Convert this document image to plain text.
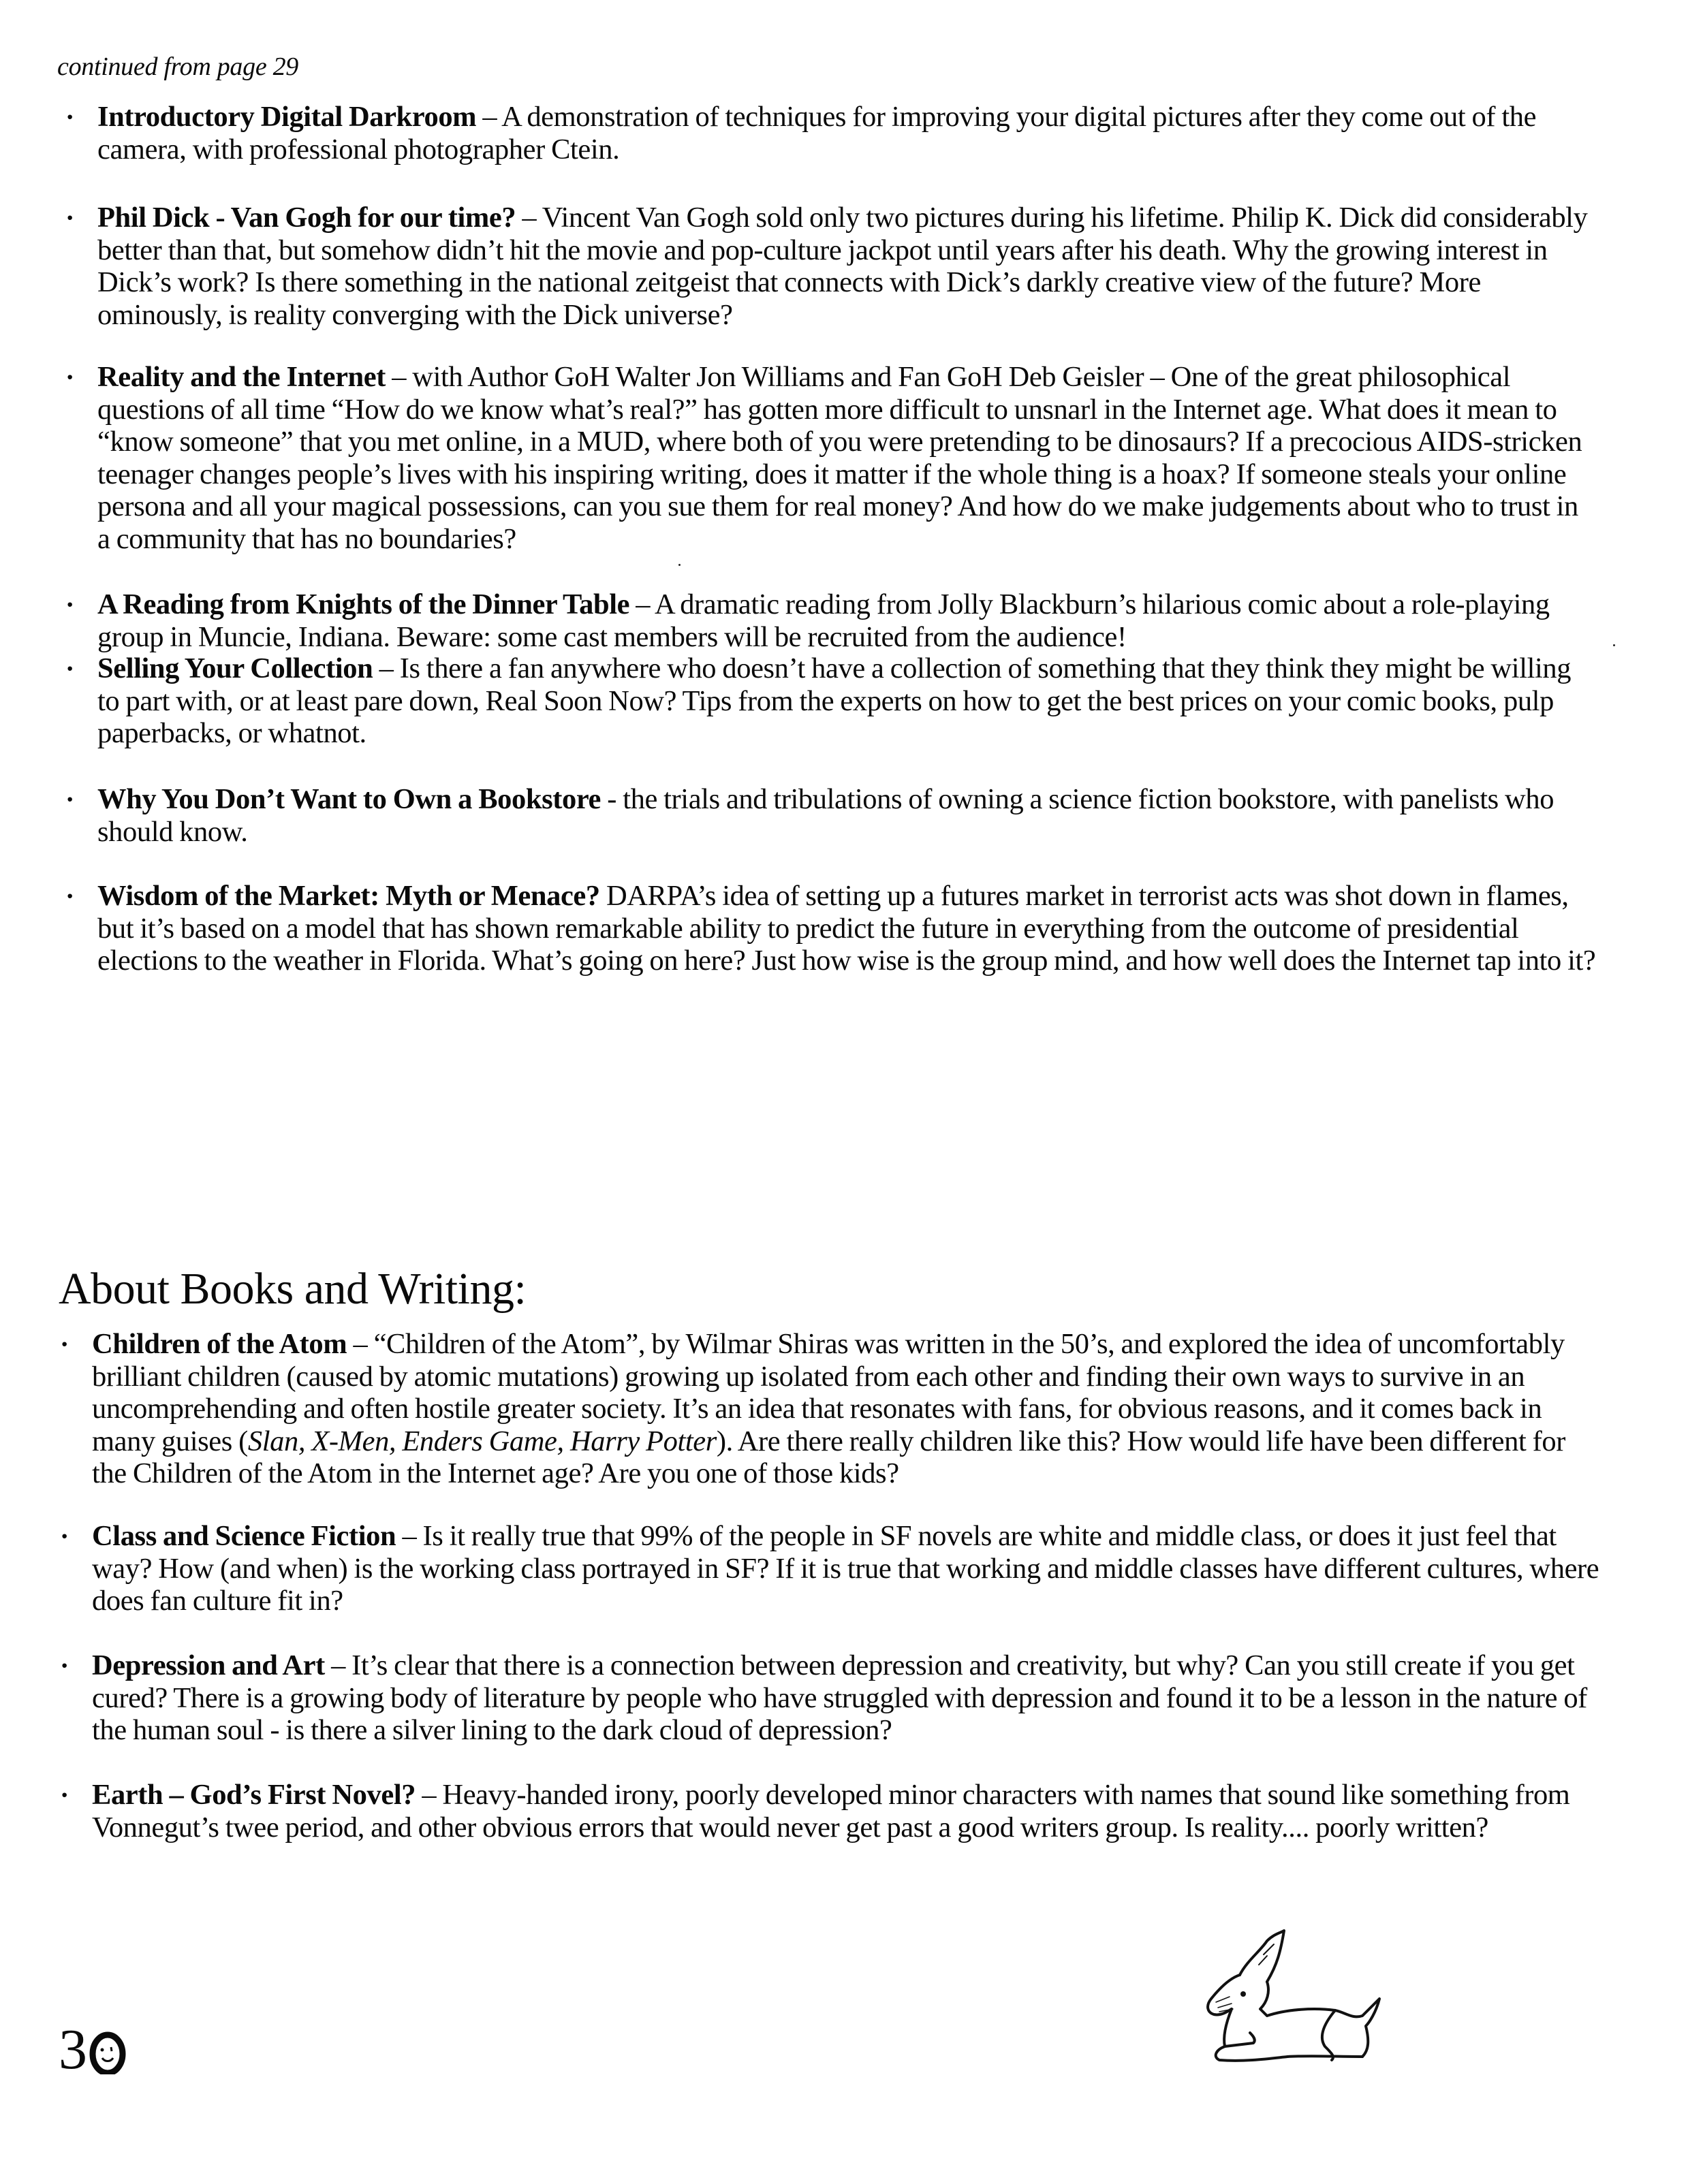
continued from page 29
· Introductory Digital Darkroom – A demonstration of techniques for improving your digital pictures after they come out of the camera, with professional photographer Ctein.
· Phil Dick - Van Gogh for our time? – Vincent Van Gogh sold only two pictures during his lifetime. Philip K. Dick did considerably better than that, but somehow didn’t hit the movie and pop-culture jackpot until years after his death. Why the growing interest in Dick’s work? Is there something in the national zeitgeist that connects with Dick’s darkly creative view of the future? More ominously, is reality converging with the Dick universe?
· Reality and the Internet – with Author GoH Walter Jon Williams and Fan GoH Deb Geisler – One of the great philosophical questions of all time “How do we know what’s real?” has gotten more difficult to unsnarl in the Internet age. What does it mean to “know someone” that you met online, in a MUD, where both of you were pretending to be dinosaurs? If a precocious AIDS-stricken teenager changes people’s lives with his inspiring writing, does it matter if the whole thing is a hoax? If someone steals your online persona and all your magical possessions, can you sue them for real money? And how do we make judgements about who to trust in a community that has no boundaries?
· A Reading from Knights of the Dinner Table – A dramatic reading from Jolly Blackburn’s hilarious comic about a role-playing group in Muncie, Indiana. Beware: some cast members will be recruited from the audience!
· Selling Your Collection – Is there a fan anywhere who doesn’t have a collection of something that they think they might be willing to part with, or at least pare down, Real Soon Now? Tips from the experts on how to get the best prices on your comic books, pulp paperbacks, or whatnot.
· Why You Don’t Want to Own a Bookstore - the trials and tribulations of owning a science fiction bookstore, with panelists who should know.
· Wisdom of the Market: Myth or Menace? DARPA’s idea of setting up a futures market in terrorist acts was shot down in flames, but it’s based on a model that has shown remarkable ability to predict the future in everything from the outcome of presidential elections to the weather in Florida. What’s going on here? Just how wise is the group mind, and how well does the Internet tap into it?
About Books and Writing:
· Children of the Atom – “Children of the Atom”, by Wilmar Shiras was written in the 50’s, and explored the idea of uncomfortably brilliant children (caused by atomic mutations) growing up isolated from each other and finding their own ways to survive in an uncomprehending and often hostile greater society. It’s an idea that resonates with fans, for obvious reasons, and it comes back in many guises (Slan, X-Men, Enders Game, Harry Potter). Are there really children like this? How would life have been different for the Children of the Atom in the Internet age? Are you one of those kids?
· Class and Science Fiction – Is it really true that 99% of the people in SF novels are white and middle class, or does it just feel that way? How (and when) is the working class portrayed in SF? If it is true that working and middle classes have different cultures, where does fan culture fit in?
· Depression and Art – It’s clear that there is a connection between depression and creativity, but why? Can you still create if you get cured? There is a growing body of literature by people who have struggled with depression and found it to be a lesson in the nature of the human soul - is there a silver lining to the dark cloud of depression?
· Earth – God’s First Novel? – Heavy-handed irony, poorly developed minor characters with names that sound like something from Vonnegut’s twee period, and other obvious errors that would never get past a good writers group. Is reality.... poorly written?
3
